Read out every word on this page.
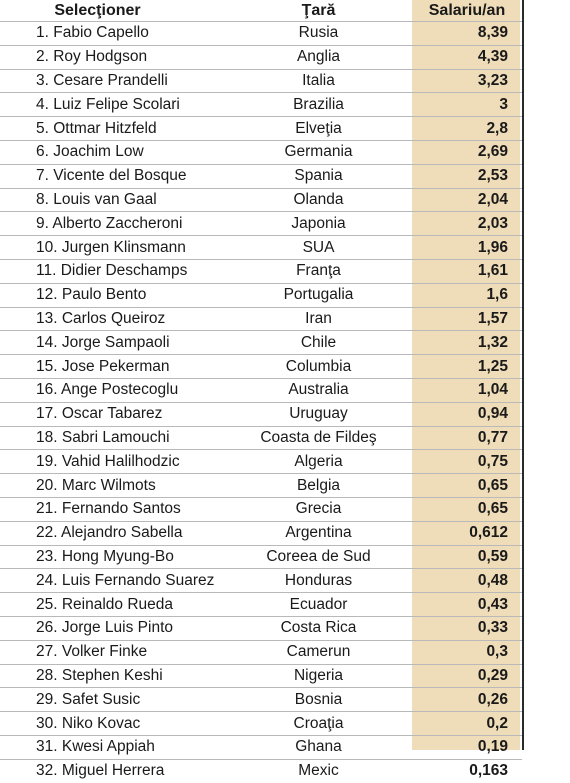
Selecţioner	Ţară	Salariu/an
1. Fabio Capello	Rusia	8,39
2. Roy Hodgson	Anglia	4,39
3. Cesare Prandelli	Italia	3,23
4. Luiz Felipe Scolari	Brazilia	3
5. Ottmar Hitzfeld	Elveţia	2,8
6. Joachim Low	Germania	2,69
7. Vicente del Bosque	Spania	2,53
8. Louis van Gaal	Olanda	2,04
9. Alberto Zaccheroni	Japonia	2,03
10. Jurgen Klinsmann	SUA	1,96
11. Didier Deschamps	Franţa	1,61
12. Paulo Bento	Portugalia	1,6
13. Carlos Queiroz	Iran	1,57
14. Jorge Sampaoli	Chile	1,32
15. Jose Pekerman	Columbia	1,25
16. Ange Postecoglu	Australia	1,04
17. Oscar Tabarez	Uruguay	0,94
18. Sabri Lamouchi	Coasta de Fildeş	0,77
19. Vahid Halilhodzic	Algeria	0,75
20. Marc Wilmots	Belgia	0,65
21. Fernando Santos	Grecia	0,65
22. Alejandro Sabella	Argentina	0,612
23. Hong Myung-Bo	Coreea de Sud	0,59
24. Luis Fernando Suarez	Honduras	0,48
25. Reinaldo Rueda	Ecuador	0,43
26. Jorge Luis Pinto	Costa Rica	0,33
27. Volker Finke	Camerun	0,3
28. Stephen Keshi	Nigeria	0,29
29. Safet Susic	Bosnia	0,26
30. Niko Kovac	Croaţia	0,2
31. Kwesi Appiah	Ghana	0,19
32. Miguel Herrera	Mexic	0,163
